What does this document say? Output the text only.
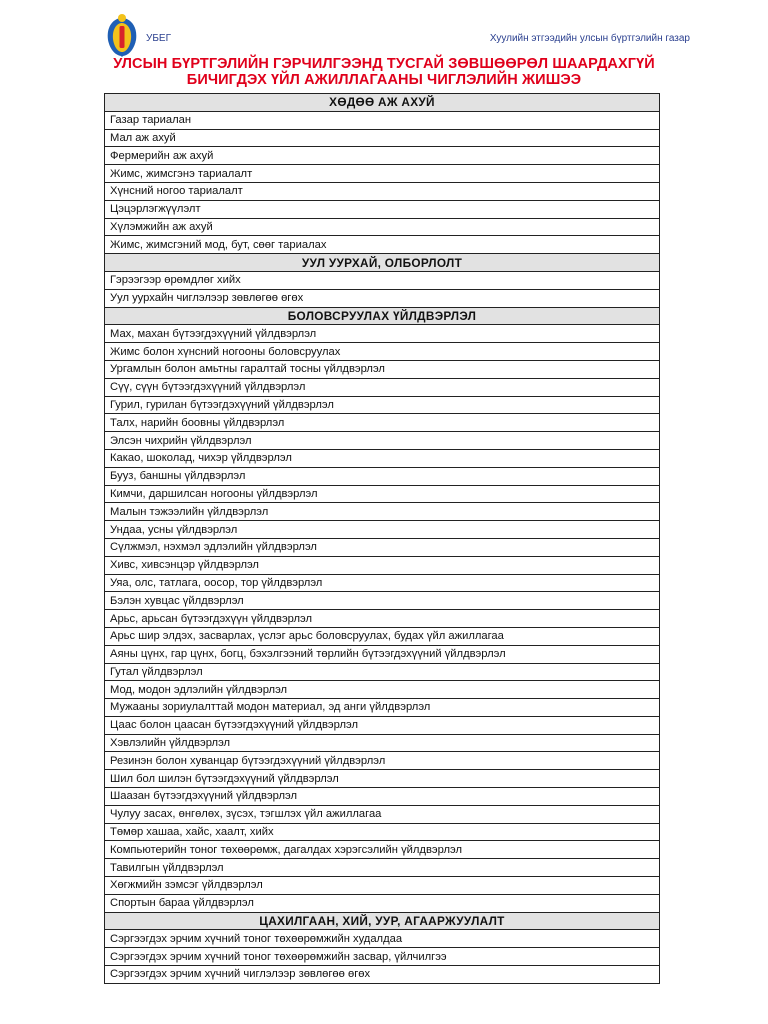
УБЕГ	Хуулийн этгээдийн улсын бүртгэлийн газар
УЛСЫН БҮРТГЭЛИЙН ГЭРЧИЛГЭЭНД ТУСГАЙ ЗӨВШӨӨРӨЛ ШААРДАХГҮЙ
БИЧИГДЭХ ҮЙЛ АЖИЛЛАГААНЫ ЧИГЛЭЛИЙН ЖИШЭЭ
ХӨДӨӨ АЖ АХУЙ
Газар тариалан
Мал аж ахуй
Фермерийн аж ахуй
Жимс, жимсгэнэ тариалалт
Хүнсний ногоо тариалалт
Цэцэрлэгжүүлэлт
Хүлэмжийн аж ахуй
Жимс, жимсгэний мод, бут, сөөг тариалах
УУЛ УУРХАЙ, ОЛБОРЛОЛТ
Гэрээгээр өрөмдлөг хийх
Уул уурхайн чиглэлээр зөвлөгөө өгөх
БОЛОВСРУУЛАХ ҮЙЛДВЭРЛЭЛ
Мах, махан бүтээгдэхүүний үйлдвэрлэл
Жимс болон хүнсний ногооны боловсруулах
Ургамлын болон амьтны гаралтай тосны үйлдвэрлэл
Сүү, сүүн бүтээгдэхүүний үйлдвэрлэл
Гурил, гурилан бүтээгдэхүүний үйлдвэрлэл
Талх, нарийн боовны үйлдвэрлэл
Элсэн чихрийн үйлдвэрлэл
Какао, шоколад, чихэр үйлдвэрлэл
Бууз, баншны үйлдвэрлэл
Кимчи, даршилсан ногооны үйлдвэрлэл
Малын тэжээлийн үйлдвэрлэл
Ундаа, усны үйлдвэрлэл
Сүлжмэл, нэхмэл эдлэлийн үйлдвэрлэл
Хивс, хивсэнцэр үйлдвэрлэл
Уяа, олс, татлага, оосор, тор үйлдвэрлэл
Бэлэн хувцас үйлдвэрлэл
Арьс, арьсан бүтээгдэхүүн үйлдвэрлэл
Арьс шир элдэх, засварлах, үслэг арьс боловсруулах, будах үйл ажиллагаа
Аяны цүнх, гар цүнх, богц, бэхэлгээний төрлийн бүтээгдэхүүний үйлдвэрлэл
Гутал үйлдвэрлэл
Мод, модон эдлэлийн үйлдвэрлэл
Мужааны зориулалттай модон материал, эд анги үйлдвэрлэл
Цаас болон цаасан бүтээгдэхүүний үйлдвэрлэл
Хэвлэлийн үйлдвэрлэл
Резинэн болон хуванцар бүтээгдэхүүний үйлдвэрлэл
Шил бол шилэн бүтээгдэхүүний үйлдвэрлэл
Шаазан бүтээгдэхүүний үйлдвэрлэл
Чулуу засах, өнгөлөх, зүсэх, тэгшлэх үйл ажиллагаа
Төмөр хашаа, хайс, хаалт, хийх
Компьютерийн тоног төхөөрөмж, дагалдах хэрэгсэлийн үйлдвэрлэл
Тавилгын үйлдвэрлэл
Хөгжмийн зэмсэг үйлдвэрлэл
Спортын бараа үйлдвэрлэл
ЦАХИЛГААН, ХИЙ, УУР, АГААРЖУУЛАЛТ
Сэргээгдэх эрчим хүчний тоног төхөөрөмжийн худалдаа
Сэргээгдэх эрчим хүчний тоног төхөөрөмжийн засвар, үйлчилгээ
Сэргээгдэх эрчим хүчний чиглэлээр зөвлөгөө өгөх
